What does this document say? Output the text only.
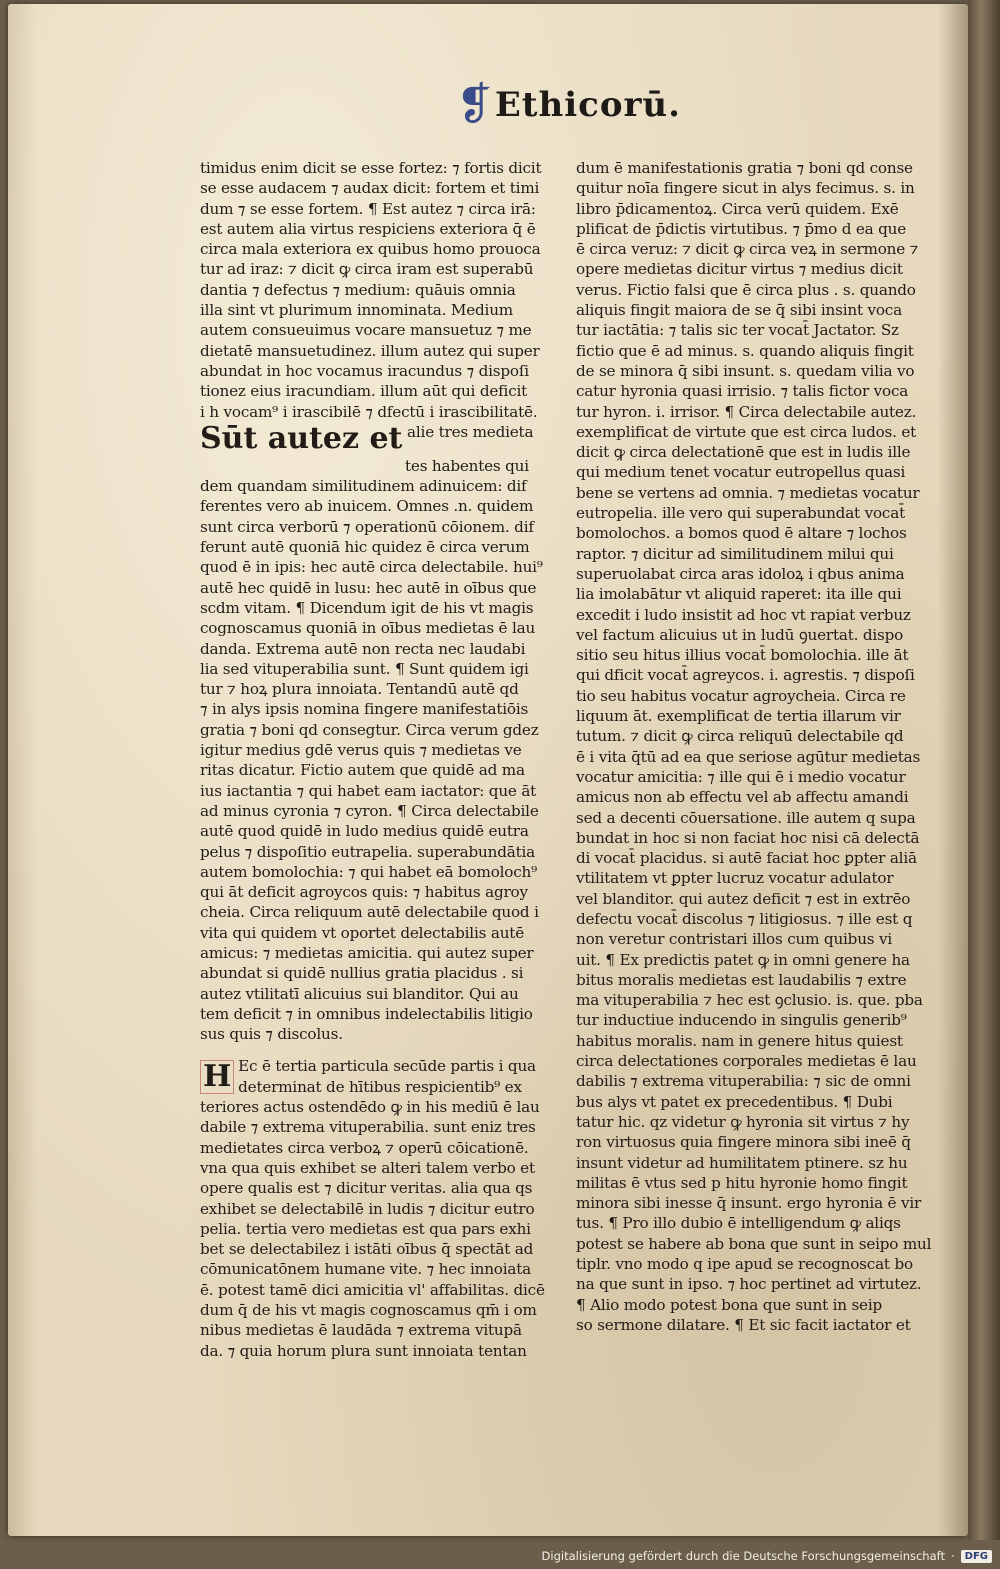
❡ Ethicorū.
timidus enim dicit se esse fortez: ⁊ fortis dicit
se esse audacem ⁊ audax dicit: fortem et timi
dum ⁊ se esse fortem. ¶ Est autez ⁊ circa irā:
est autem alia virtus respiciens exteriora q̄ ē
circa mala exteriora ex quibus homo prouoca
tur ad iraz: ⁊ dicit ꝙ circa iram est superabū
dantia ⁊ defectus ⁊ medium: quāuis omnia
illa sint vt plurimum innominata. Medium
autem consueuimus vocare mansuetuz ⁊ me
dietatē mansuetudinez. illum autez qui super
abundat in hoc vocamus iracundus ⁊ dispoſi
tionez eius iracundiam. illum aūt qui deficit
i h vocam⁹ i irascibilē ⁊ dfectū i irascibilitatē.
Sūt autez et alie tres medieta
tes habentes qui
dem quandam similitudinem adinuicem: dif
ferentes vero ab inuicem. Omnes .n. quidem
sunt circa verborū ⁊ operationū cōionem. dif
ferunt autē quoniā hic quidez ē circa verum
quod ē in ipis: hec autē circa delectabile. hui⁹
autē hec quidē in lusu: hec autē in oībus que
scdm vitam. ¶ Dicendum igit de his vt magis
cognoscamus quoniā in oībus medietas ē lau
danda. Extrema autē non recta nec laudabi
lia sed vituperabilia sunt. ¶ Sunt quidem igi
tur ⁊ hoꝝ plura innoiata. Tentandū autē qd
⁊ in alys ipsis nomina fingere manifestatiōis
gratia ⁊ boni qd consegtur. Circa verum gdez
igitur medius gdē verus quis ⁊ medietas ve
ritas dicatur. Fictio autem que quidē ad ma
ius iactantia ⁊ qui habet eam iactator: que āt
ad minus cyronia ⁊ cyron. ¶ Circa delectabile
autē quod quidē in ludo medius quidē eutra
pelus ⁊ dispoſitio eutrapelia. superabundātia
autem bomolochia: ⁊ qui habet eā bomoloch⁹
qui āt deficit agroycos quis: ⁊ habitus agroy
cheia. Circa reliquum autē delectabile quod i
vita qui quidem vt oportet delectabilis autē
amicus: ⁊ medietas amicitia. qui autez super
abundat si quidē nullius gratia placidus . si
autez vtilitatī alicuius sui blanditor. Qui au
tem deficit ⁊ in omnibus indelectabilis litigio
sus quis ⁊ discolus.
H Ec ē tertia particula secūde partis i qua
determinat de hītibus respicientib⁹ ex
teriores actus ostendēdo ꝙ in his mediū ē lau
dabile ⁊ extrema vituperabilia. sunt eniz tres
medietates circa verboꝝ ⁊ operū cōicationē.
vna qua quis exhibet se alteri talem verbo et
opere qualis est ⁊ dicitur veritas. alia qua qs
exhibet se delectabilē in ludis ⁊ dicitur eutro
pelia. tertia vero medietas est qua pars exhi
bet se delectabilez i istāti oībus q̄ spectāt ad
cōmunicatōnem humane vite. ⁊ hec innoiata
ē. potest tamē dici amicitia vl' affabilitas. dicē
dum q̄ de his vt magis cognoscamus qm̄ i om
nibus medietas ē laudāda ⁊ extrema vitupā
da. ⁊ quia horum plura sunt innoiata tentan
dum ē manifestationis gratia ⁊ boni qd conse
quitur noīa fingere sicut in alys fecimus. s. in
libro p̄dicamentoꝝ. Circa verū quidem. Exē
plificat de p̄dictis virtutibus. ⁊ p̄mo d ea que
ē circa veruz: ⁊ dicit ꝙ circa veꝝ in sermone ⁊
opere medietas dicitur virtus ⁊ medius dicit
verus. Fictio falsi que ē circa plus . s. quando
aliquis fingit maiora de se q̄ sibi insint voca
tur iactātia: ⁊ talis sic ter vocat̄ Jactator. Sz
fictio que ē ad minus. s. quando aliquis fingit
de se minora q̄ sibi insunt. s. quedam vilia vo
catur hyronia quasi irrisio. ⁊ talis fictor voca
tur hyron. i. irrisor. ¶ Circa delectabile autez.
exemplificat de virtute que est circa ludos. et
dicit ꝙ circa delectationē que est in ludis ille
qui medium tenet vocatur eutropellus quasi
bene se vertens ad omnia. ⁊ medietas vocatur
eutropelia. ille vero qui superabundat vocat̄
bomolochos. a bomos quod ē altare ⁊ lochos
raptor. ⁊ dicitur ad similitudinem milui qui
superuolabat circa aras idoloꝝ i qbus anima
lia imolabātur vt aliquid raperet: ita ille qui
excedit i ludo insistit ad hoc vt rapiat verbuz
vel factum alicuius ut in ludū ꝯuertat. dispo
sitio seu hitus illius vocat̄ bomolochia. ille āt
qui dficit vocat̄ agreycos. i. agrestis. ⁊ dispoſi
tio seu habitus vocatur agroycheia. Circa re
liquum āt. exemplificat de tertia illarum vir
tutum. ⁊ dicit ꝙ circa reliquū delectabile qd
ē i vita q̄tū ad ea que seriose agūtur medietas
vocatur amicitia: ⁊ ille qui ē i medio vocatur
amicus non ab effectu vel ab affectu amandi
sed a decenti cōuersatione. ille autem q supa
bundat in hoc si non faciat hoc nisi cā delectā
di vocat̄ placidus. si autē faciat hoc ꝑpter aliā
vtilitatem vt ꝑpter lucruz vocatur adulator
vel blanditor. qui autez deficit ⁊ est in extrēo
defectu vocat̄ discolus ⁊ litigiosus. ⁊ ille est q
non veretur contristari illos cum quibus vi
uit. ¶ Ex predictis patet ꝙ in omni genere ha
bitus moralis medietas est laudabilis ⁊ extre
ma vituperabilia ⁊ hec est ꝯclusio. is. que. pba
tur inductiue inducendo in singulis generib⁹
habitus moralis. nam in genere hitus quiest
circa delectationes corporales medietas ē lau
dabilis ⁊ extrema vituperabilia: ⁊ sic de omni
bus alys vt patet ex precedentibus. ¶ Dubi
tatur hic. qz videtur ꝙ hyronia sit virtus ⁊ hy
ron virtuosus quia fingere minora sibi ineē q̄
insunt videtur ad humilitatem ptinere. sz hu
militas ē vtus sed p hitu hyronie homo fingit
minora sibi inesse q̄ insunt. ergo hyronia ē vir
tus. ¶ Pro illo dubio ē intelligendum ꝙ aliqs
potest se habere ab bona que sunt in seipo mul
tiplr. vno modo q ipe apud se recognoscat bo
na que sunt in ipso. ⁊ hoc pertinet ad virtutez.
¶ Alio modo potest bona que sunt in seip
so sermone dilatare. ¶ Et sic facit iactator et
Digitalisierung gefördert durch die Deutsche Forschungsgemeinschaft ·	DFG
